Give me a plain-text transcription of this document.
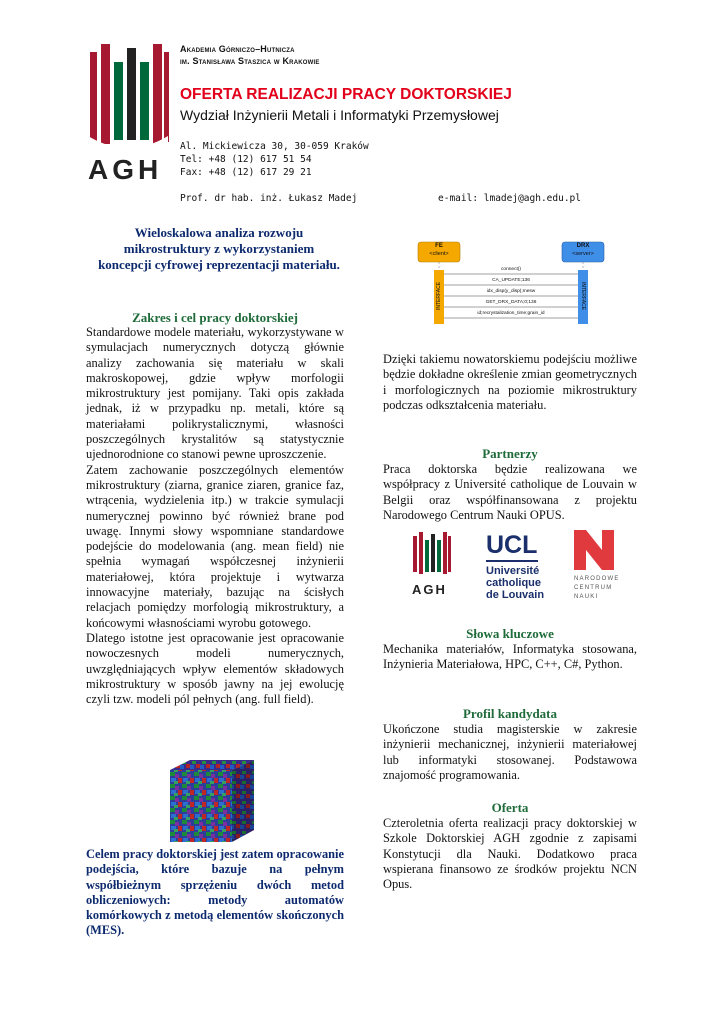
AGH
Akademia Górniczo–Hutnicza
im. Stanisława Staszica w Krakowie
OFERTA REALIZACJI PRACY DOKTORSKIEJ
Wydział Inżynierii Metali i Informatyki Przemysłowej
Al. Mickiewicza 30, 30-059 Kraków
Tel: +48 (12) 617 51 54
Fax: +48 (12) 617 29 21
Prof. dr hab. inż. Łukasz Madej	e-mail: lmadej@agh.edu.pl
Wieloskalowa analiza rozwoju mikrostruktury z wykorzystaniem koncepcji cyfrowej reprezentacji materiału.
Zakres i cel pracy doktorskiej

Standardowe modele materiału, wykorzystywane w symulacjach numerycznych dotyczą głównie analizy zachowania się materiału w skali makroskopowej, gdzie wpływ morfologii mikrostruktury jest pomijany. Taki opis zakłada jednak, iż w przypadku np. metali, które są materiałami polikrystalicznymi, własności poszczególnych krystalitów są statystycznie ujednorodnione co stanowi pewne uproszczenie.

Zatem zachowanie poszczególnych elementów mikrostruktury (ziarna, granice ziaren, granice faz, wtrącenia, wydzielenia itp.) w trakcie symulacji numerycznej powinno być również brane pod uwagę. Innymi słowy wspomniane standardowe podejście do modelowania (ang. mean field) nie spełnia wymagań współczesnej inżynierii materiałowej, która projektuje i wytwarza innowacyjne materiały, bazując na ścisłych relacjach pomiędzy morfologią mikrostruktury, a końcowymi własnościami wyrobu gotowego.

Dlatego istotne jest opracowanie jest opracowanie nowoczesnych modeli numerycznych, uwzględniających wpływ elementów składowych mikrostruktury w sposób jawny na jej ewolucję czyli tzw. modeli pól pełnych (ang. full field).

Celem pracy doktorskiej jest zatem opracowanie podejścia, które bazuje na pełnym współbieżnym sprzężeniu dwóch metod obliczeniowych: metody automatów komórkowych z metodą elementów skończonych (MES).
FE
<client>
DRX
<server>
INTERFACE	INTERFACE
connect()
CA_UPDATE;136
idx_disp(y_disp);mesw
GET_DRX_DATA;0;136
id;recrystalization_time;grain_id
Dzięki takiemu nowatorskiemu podejściu możliwe będzie dokładne określenie zmian geometrycznych i morfologicznych na poziomie mikrostruktury podczas odkształcenia materiału.
Partnerzy
Praca doktorska będzie realizowana we współpracy z Université catholique de Louvain w Belgii oraz współfinansowana z projektu Narodowego Centrum Nauki OPUS.
AGH
UCL
Université
catholique
de Louvain
NARODOWE
CENTRUM
NAUKI
Słowa kluczowe
Mechanika materiałów, Informatyka stosowana, Inżynieria Materiałowa, HPC, C++, C#, Python.
Profil kandydata
Ukończone studia magisterskie w zakresie inżynierii mechanicznej, inżynierii materiałowej lub informatyki stosowanej. Podstawowa znajomość programowania.
Oferta
Czteroletnia oferta realizacji pracy doktorskiej w Szkole Doktorskiej AGH zgodnie z zapisami Konstytucji dla Nauki. Dodatkowo praca wspierana finansowo ze środków projektu NCN Opus.
